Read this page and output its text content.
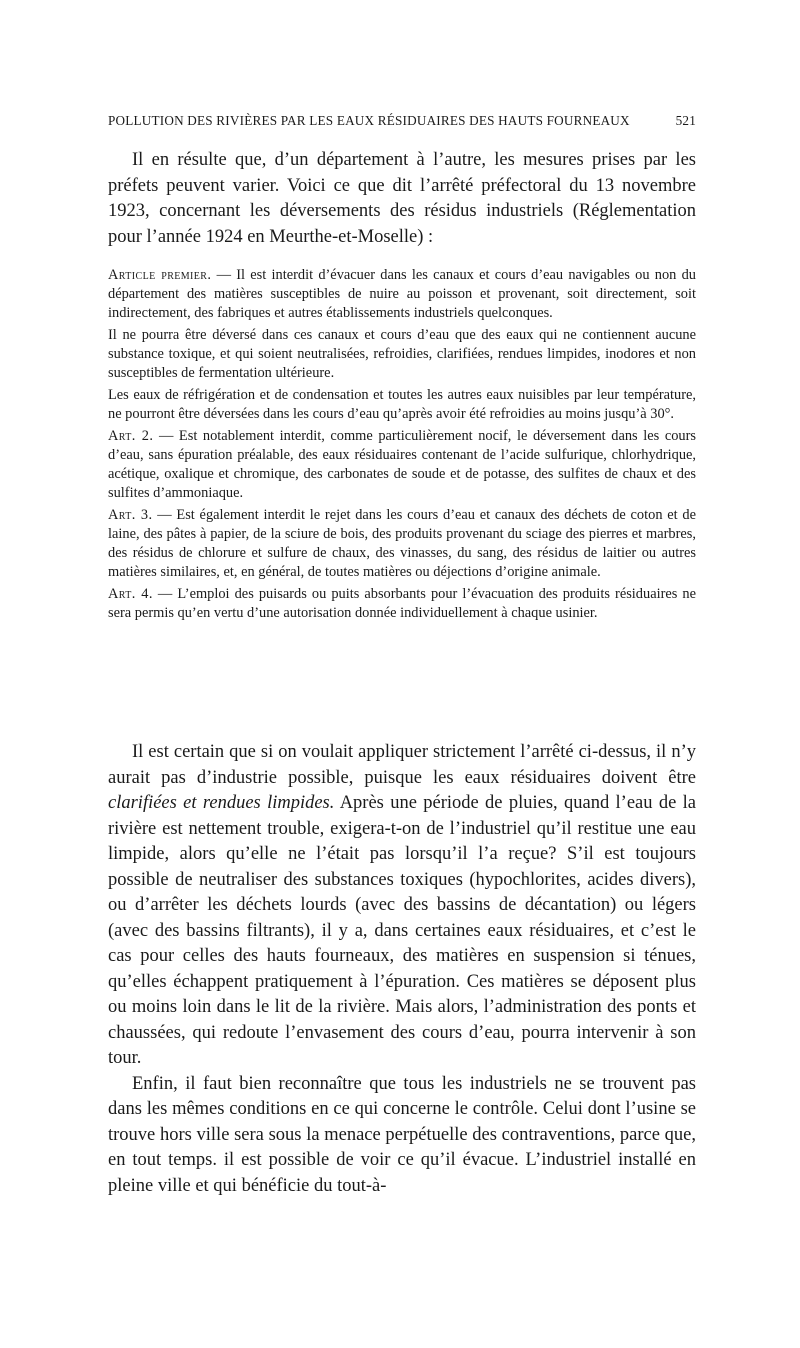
POLLUTION DES RIVIÈRES PAR LES EAUX RÉSIDUAIRES DES HAUTS FOURNEAUX	521

Il en résulte que, d’un département à l’autre, les mesures prises par les préfets peuvent varier. Voici ce que dit l’arrêté préfectoral du 13 novembre 1923, concernant les déversements des résidus industriels (Réglementation pour l’année 1924 en Meurthe-et-Moselle) :

Article premier. — Il est interdit d’évacuer dans les canaux et cours d’eau navigables ou non du département des matières susceptibles de nuire au poisson et provenant, soit directement, soit indirectement, des fabriques et autres établissements industriels quelconques.

Il ne pourra être déversé dans ces canaux et cours d’eau que des eaux qui ne contiennent aucune substance toxique, et qui soient neutralisées, refroidies, clarifiées, rendues limpides, inodores et non susceptibles de fermentation ultérieure.

Les eaux de réfrigération et de condensation et toutes les autres eaux nuisibles par leur température, ne pourront être déversées dans les cours d’eau qu’après avoir été refroidies au moins jusqu’à 30°.

Art. 2. — Est notablement interdit, comme particulièrement nocif, le déversement dans les cours d’eau, sans épuration préalable, des eaux résiduaires contenant de l’acide sulfurique, chlorhydrique, acétique, oxalique et chromique, des carbonates de soude et de potasse, des sulfites de chaux et des sulfites d’ammoniaque.

Art. 3. — Est également interdit le rejet dans les cours d’eau et canaux des déchets de coton et de laine, des pâtes à papier, de la sciure de bois, des produits provenant du sciage des pierres et marbres, des résidus de chlorure et sulfure de chaux, des vinasses, du sang, des résidus de laitier ou autres matières similaires, et, en général, de toutes matières ou déjections d’origine animale.

Art. 4. — L’emploi des puisards ou puits absorbants pour l’évacuation des produits résiduaires ne sera permis qu’en vertu d’une autorisation donnée individuellement à chaque usinier.

Il est certain que si on voulait appliquer strictement l’arrêté ci-dessus, il n’y aurait pas d’industrie possible, puisque les eaux résiduaires doivent être clarifiées et rendues limpides. Après une période de pluies, quand l’eau de la rivière est nettement trouble, exigera-t-on de l’industriel qu’il restitue une eau limpide, alors qu’elle ne l’était pas lorsqu’il l’a reçue? S’il est toujours possible de neutraliser des substances toxiques (hypochlorites, acides divers), ou d’arrêter les déchets lourds (avec des bassins de décantation) ou légers (avec des bassins filtrants), il y a, dans certaines eaux résiduaires, et c’est le cas pour celles des hauts fourneaux, des matières en suspension si ténues, qu’elles échappent pratiquement à l’épuration. Ces matières se déposent plus ou moins loin dans le lit de la rivière. Mais alors, l’administration des ponts et chaussées, qui redoute l’envasement des cours d’eau, pourra intervenir à son tour.

Enfin, il faut bien reconnaître que tous les industriels ne se trouvent pas dans les mêmes conditions en ce qui concerne le contrôle. Celui dont l’usine se trouve hors ville sera sous la menace perpétuelle des contraventions, parce que, en tout temps. il est possible de voir ce qu’il évacue. L’industriel installé en pleine ville et qui bénéficie du tout-à-
